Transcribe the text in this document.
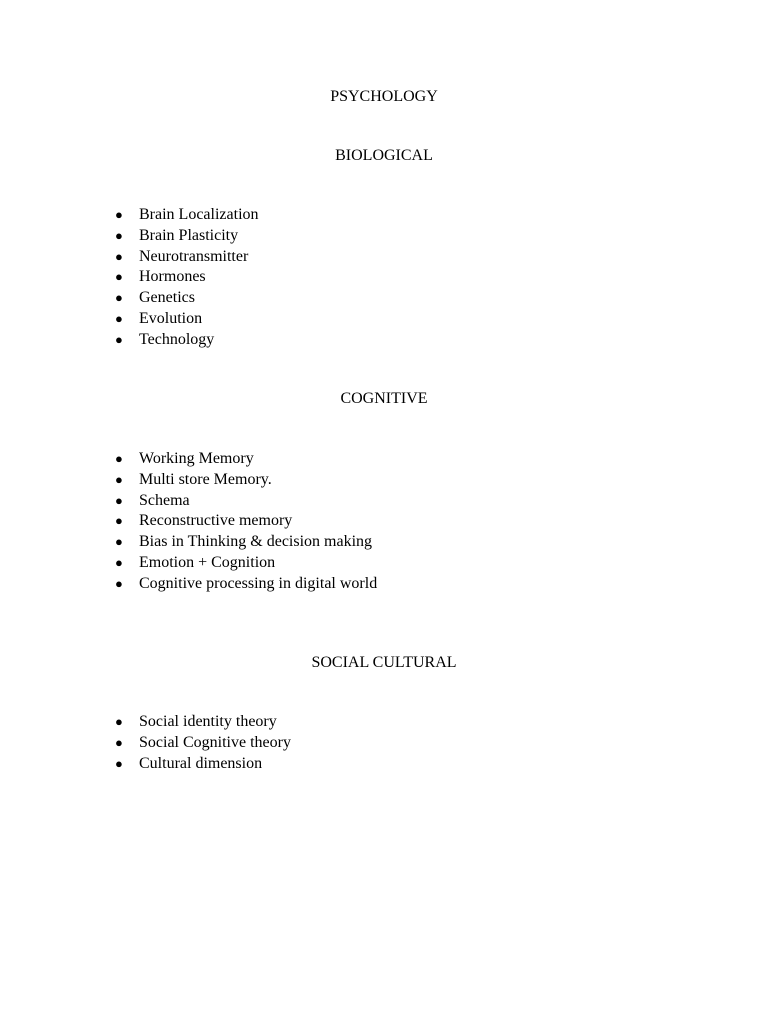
PSYCHOLOGY
BIOLOGICAL
● Brain Localization
● Brain Plasticity
● Neurotransmitter
● Hormones
● Genetics
● Evolution
● Technology
COGNITIVE
● Working Memory
● Multi store Memory.
● Schema
● Reconstructive memory
● Bias in Thinking & decision making
● Emotion + Cognition
● Cognitive processing in digital world
SOCIAL CULTURAL
● Social identity theory
● Social Cognitive theory
● Cultural dimension
